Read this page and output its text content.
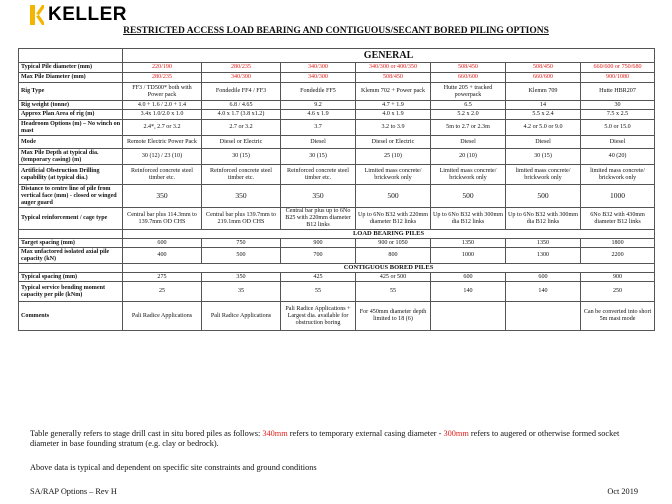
KELLER
RESTRICTED ACCESS LOAD BEARING AND CONTIGUOUS/SECANT BORED PILING OPTIONS
	GENERAL						
Typical Pile diameter (mm)	220/190	280/235	340/300	340/300 or 400/350	508/450	508/450	660/600 or 750/680
Max Pile Diameter (mm)	280/235	340/300	340/300	508/450	660/600	660/600	900/1080
Rig Type	FF3 / TD500* both with Power pack	Fondedile FF4 / FF3	Fondedile FF5	Klemm 702 + Power pack	Hutte 205 + tracked powerpack	Klemm 709	Hutte HBR207
Rig weight (tonne)	4.0 + 1.6 / 2.0 + 1.4	6.8 / 4.65	9.2	4.7 + 1.9	6.5	14	30
Approx Plan Area of rig (m)	3.4x 1.0/2.0 x 1.0	4.0 x 1.7 (3.8 x1.2)	4.6 x 1.9	4.0 x 1.9	5.2 x 2.0	5.5 x 2.4	7.5 x 2.5
Headroom Options (m) – No winch on mast	2.4*, 2.7 or 3.2	2.7 or 3.2	3.7	3.2 to 3.9	5m to 2.7 or 2.3m	4.2 or 5.0 or 9.0	5.0 or 15.0
Mode	Remote Electric Power Pack	Diesel or Electric	Diesel	Diesel or Electric	Diesel	Diesel	Diesel
Max Pile Depth at typical dia. (temporary casing) (m)	30 (12) / 23 (10)	30 (15)	30 (15)	25 (10)	20 (10)	30 (15)	40 (20)
Artificial Obstruction Drilling capability (at typical dia.)	Reinforced concrete steel timber etc.	Reinforced concrete steel timber etc.	Reinforced concrete steel timber etc.	Limited mass concrete/ brickwork only	Limited mass concrete/ brickwork only	limited mass concrete/ brickwork only	limited mass concrete/ brickwork only
Distance to centre line of pile from vertical face (mm) - closed or winged auger guard	350	350	350	500	500	500	1000
Typical reinforcement / cage type	Central bar plus 114.3mm to 139.7mm OD CHS	Central bar plus 139.7mm to 219.1mm OD CHS	Central bar plus up to 6No B25 with 220mm diameter B12 links	Up to 6No B32 with 220mm diameter B12 links	Up to 6No B32 with 300mm dia B12 links	Up to 6No B32 with 300mm dia B12 links	6No B32 with 430mm diameter B12 links
	LOAD BEARING PILES						
Target spacing (mm)	600	750	900	900 or 1050	1350	1350	1800
Max unfactored isolated axial pile capacity (kN)	400	500	700	800	1000	1300	2200
	CONTIGUOUS BORED PILES						
Typical spacing (mm)	275	350	425	425 or 500	600	600	900
Typical service bending moment capacity per pile (kNm)	25	35	55	55	140	140	250
Comments	Pali Radice Applications	Pali Radice Applications	Pali Radice Applications + Largest dia. available for obstruction boring	For 450mm diameter depth limited to 18 (6)			Can be converted into short 5m mast mode
Table generally refers to stage drill cast in situ bored piles as follows: 340mm refers to temporary external casing diameter - 300mm refers to augered or otherwise formed socket diameter in base founding stratum (e.g. clay or bedrock).
Above data is typical and dependent on specific site constraints and ground conditions
SA/RAP Options – Rev H	Oct 2019
